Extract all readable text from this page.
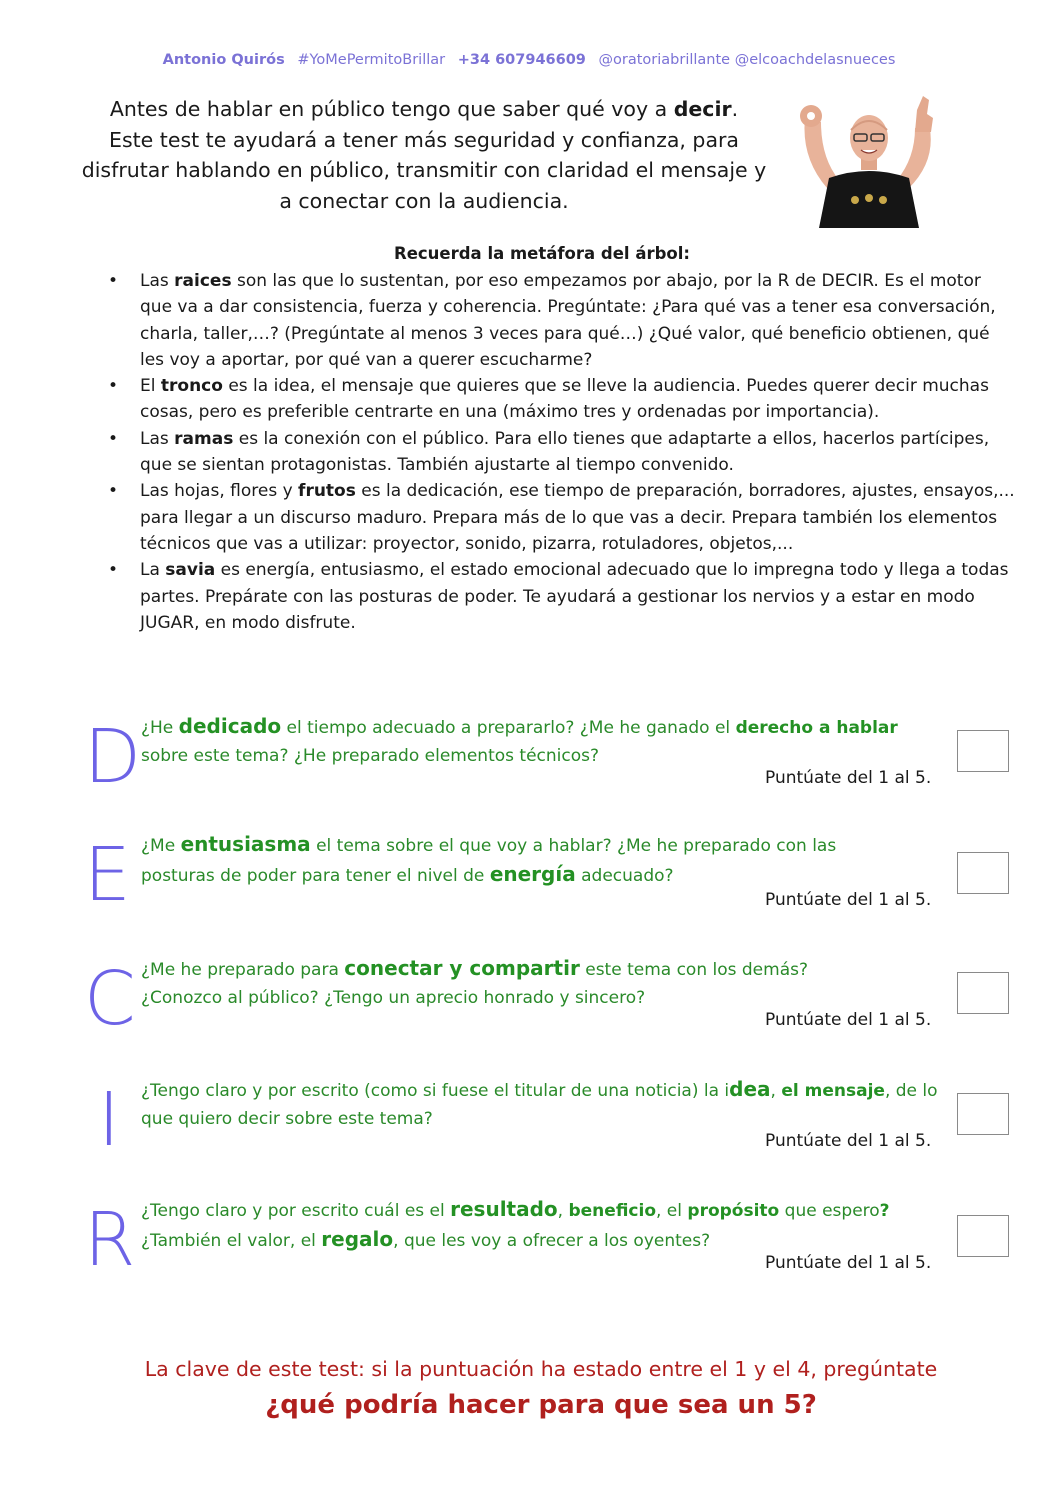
Antonio Quirós #YoMePermitoBrillar +34 607946609 @oratoriabrillante @elcoachdelasnueces
Antes de hablar en público tengo que saber qué voy a decir.
Este test te ayudará a tener más seguridad y confianza, para disfrutar hablando en público, transmitir con claridad el mensaje y a conectar con la audiencia.
Recuerda la metáfora del árbol:
• Las raices son las que lo sustentan, por eso empezamos por abajo, por la R de DECIR. Es el motor que va a dar consistencia, fuerza y coherencia. Pregúntate: ¿Para qué vas a tener esa conversación, charla, taller,…? (Pregúntate al menos 3 veces para qué…) ¿Qué valor, qué beneficio obtienen, qué les voy a aportar, por qué van a querer escucharme?
• El tronco es la idea, el mensaje que quieres que se lleve la audiencia. Puedes querer decir muchas cosas, pero es preferible centrarte en una (máximo tres y ordenadas por importancia).
• Las ramas es la conexión con el público. Para ello tienes que adaptarte a ellos, hacerlos partícipes, que se sientan protagonistas. También ajustarte al tiempo convenido.
• Las hojas, flores y frutos es la dedicación, ese tiempo de preparación, borradores, ajustes, ensayos,... para llegar a un discurso maduro. Prepara más de lo que vas a decir. Prepara también los elementos técnicos que vas a utilizar: proyector, sonido, pizarra, rotuladores, objetos,...
• La savia es energía, entusiasmo, el estado emocional adecuado que lo impregna todo y llega a todas partes. Prepárate con las posturas de poder. Te ayudará a gestionar los nervios y a estar en modo JUGAR, en modo disfrute.
D ¿He dedicado el tiempo adecuado a prepararlo? ¿Me he ganado el derecho a hablar
sobre este tema? ¿He preparado elementos técnicos?
Puntúate del 1 al 5.
E ¿Me entusiasma el tema sobre el que voy a hablar? ¿Me he preparado con las posturas de poder para tener el nivel de energía adecuado?
Puntúate del 1 al 5.
C ¿Me he preparado para conectar y compartir este tema con los demás? ¿Conozco al público? ¿Tengo un aprecio honrado y sincero?
Puntúate del 1 al 5.
I ¿Tengo claro y por escrito (como si fuese el titular de una noticia) la idea, el mensaje, de lo que quiero decir sobre este tema?
Puntúate del 1 al 5.
R ¿Tengo claro y por escrito cuál es el resultado, beneficio, el propósito que espero?
¿También el valor, el regalo, que les voy a ofrecer a los oyentes?
Puntúate del 1 al 5.
La clave de este test: si la puntuación ha estado entre el 1 y el 4, pregúntate
¿qué podría hacer para que sea un 5?
